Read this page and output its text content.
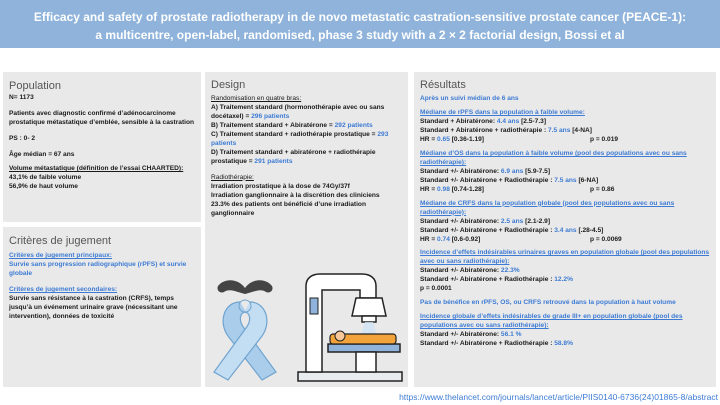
Efficacy and safety of prostate radiotherapy in de novo metastatic castration-sensitive prostate cancer (PEACE-1):
a multicentre, open-label, randomised, phase 3 study with a 2 × 2 factorial design, Bossi et al
Population
N= 1173
Patients avec diagnostic confirmé d’adénocarcinome prostatique métastatique d’emblée, sensible à la castration
PS : 0- 2
Âge médian = 67 ans
Volume métastatique (définition de l’essai CHAARTED):
43,1% de faible volume
56,9% de haut volume
Critères de jugement
Critères de jugement principaux:
Survie sans progression radiographique (rPFS) et survie globale
Critères de jugement secondaires:
Survie sans résistance à la castration (CRFS), temps jusqu’à un événement urinaire grave (nécessitant une intervention), données de toxicité
Design
Randomisation en quatre bras:
A) Traitement standard (hormonothérapie avec ou sans docétaxel) = 296 patients
B) Traitement standard + Abiratérone = 292 patients
C) Traitement standard + radiothérapie prostatique = 293 patients
D) Traitement standard + abiratérone + radiothérapie prostatique = 291 patients
Radiothérapie:
Irradiation prostatique à la dose de 74Gy/37f
Irradiation ganglionnaire à la discrétion des cliniciens
23.3% des patients ont bénéficié d’une irradiation ganglionnaire
Résultats
Après un suivi médian de 6 ans
Médiane de rPFS dans la population à faible volume:
Standard + Abiratérone: 4.4 ans [2.5-7.3]
Standard + Abiratérone + radiothérapie : 7.5 ans [4-NA]
HR = 0.65 [0.36-1.19]	p = 0.019
Médiane d’OS dans la population à faible volume (pool des populations avec ou sans radiothérapie):
Standard +/- Abiratérone: 6.9 ans [5.9-7.5]
Standard +/- Abiratérone + Radiothérapie : 7.5 ans [6-NA]
HR = 0.98 [0.74-1.28]	p = 0.86
Médiane de CRFS dans la population globale (pool des populations avec ou sans radiothérapie):
Standard +/- Abiratérone: 2.5 ans [2.1-2.9]
Standard +/- Abiratérone + Radiothérapie : 3.4 ans [.28-4.5]
HR = 0.74 [0.6-0.92]	p = 0.0069
Incidence d’effets indésirables urinaires graves en population globale (pool des populations avec ou sans radiothérapie):
Standard +/- Abiratérone: 22.3%
Standard +/- Abiratérone + Radiothérapie : 12.2%
p = 0.0001
Pas de bénéfice en rPFS, OS, ou CRFS retrouvé dans la population à haut volume
Incidence globale d’effets indésirables de grade III+ en population globale (pool des populations avec ou sans radiothérapie):
Standard +/- Abiratérone: 56.1 %
Standard +/- Abiratérone + Radiothérapie : 58.8%
https://www.thelancet.com/journals/lancet/article/PIIS0140-6736(24)01865-8/abstract
